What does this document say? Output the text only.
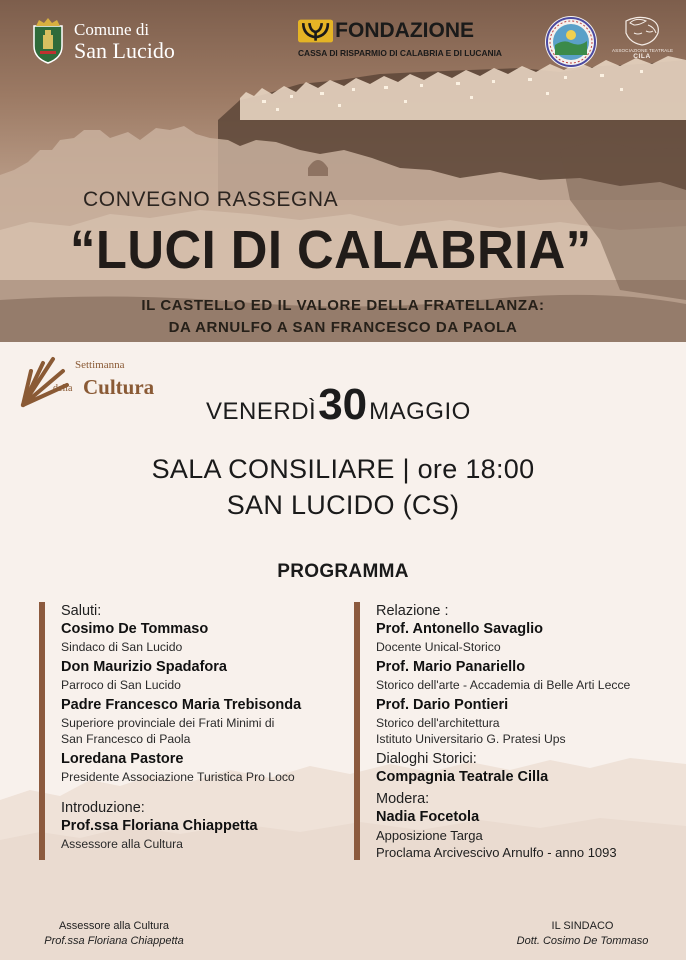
Comune di
San Lucido
FONDAZIONE
CASSA DI RISPARMIO DI CALABRIA E DI LUCANIA	ASSOCIAZIONE TEATRALE
CILA
CONVEGNO RASSEGNA
“LUCI DI CALABRIA”
IL CASTELLO ED IL VALORE DELLA FRATELLANZA:
DA ARNULFO A SAN FRANCESCO DA PAOLA
Settimanna
della Cultura
VENERDÌ 30 MAGGIO
SALA CONSILIARE | ore 18:00
SAN LUCIDO (CS)
PROGRAMMA
Saluti:
Cosimo De Tommaso
Sindaco di San Lucido
Don Maurizio Spadafora
Parroco di San Lucido
Padre Francesco Maria Trebisonda
Superiore provinciale dei Frati Minimi di
San Francesco di Paola
Loredana Pastore
Presidente Associazione Turistica Pro Loco
Introduzione:
Prof.ssa Floriana Chiappetta
Assessore alla Cultura
Relazione :
Prof. Antonello Savaglio
Docente Unical-Storico
Prof. Mario Panariello
Storico dell'arte - Accademia di Belle Arti Lecce
Prof. Dario Pontieri
Storico dell'architettura
Istituto Universitario G. Pratesi Ups
Dialoghi Storici:
Compagnia Teatrale Cilla
Modera:
Nadia Focetola
Apposizione Targa
Proclama Arcivescivo Arnulfo - anno 1093
Assessore alla Cultura
Prof.ssa Floriana Chiappetta
IL SINDACO
Dott. Cosimo De Tommaso
